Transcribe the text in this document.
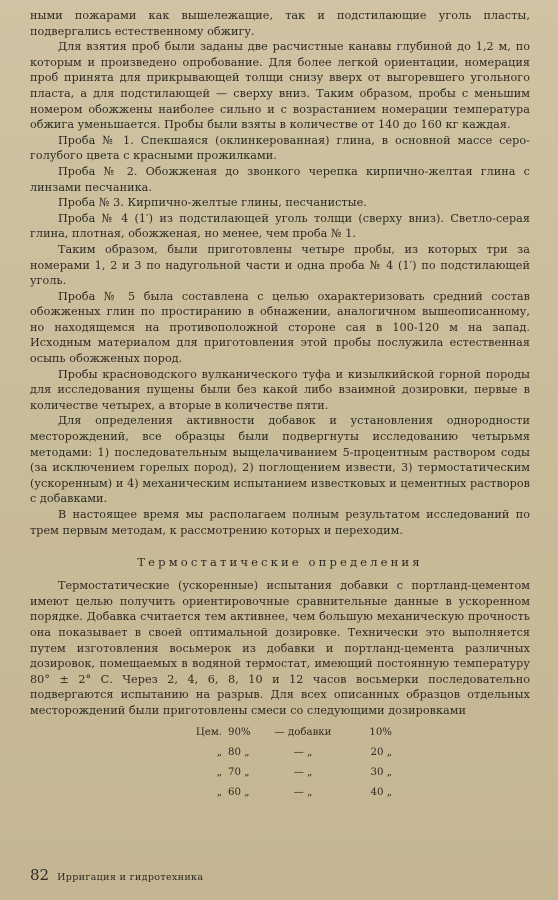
ными пожарами как вышележащие, так и подстилающие уголь пласты, подвергались естественному обжигу.

Для взятия проб были заданы две расчистные канавы глубиной до 1,2 м, по которым и произведено опробование. Для более легкой ориентации, номерация проб принята для прикрывающей толщи снизу вверх от выгоревшего угольного пласта, а для подстилающей — сверху вниз. Таким образом, пробы с меньшим номером обожжены наиболее сильно и с возрастанием номерации температура обжига уменьшается. Пробы были взяты в количестве от 140 до 160 кг каждая.

Проба № 1. Спекшаяся (оклинкерованная) глина, в основной массе серо-голубого цвета с красными прожилками.

Проба № 2. Обожженая до звонкого черепка кирпично-желтая глина с линзами песчаника.

Проба № 3. Кирпично-желтые глины, песчанистые.

Проба № 4 (1′) из подстилающей уголь толщи (сверху вниз). Светло-серая глина, плотная, обожженая, но менее, чем проба № 1.

Таким образом, были приготовлены четыре пробы, из которых три за номерами 1, 2 и 3 по надугольной части и одна проба № 4 (1′) по подстилающей уголь.

Проба № 5 была составлена с целью охарактеризовать средний состав обожженых глин по простиранию в обнажении, аналогичном вышеописанному, но находящемся на противоположной стороне сая в 100-120 м на запад. Исходным материалом для приготовления этой пробы послужила естественная осыпь обожженых пород.

Пробы красноводского вулканического туфа и кизылкийской горной породы для исследования пущены были без какой либо взаимной дозировки, первые в количестве четырех, а вторые в количестве пяти.

Для определения активности добавок и установления однородности месторождений, все образцы были подвергнуты исследованию четырьмя методами: 1) последовательным выщелачиванием 5-процентным раствором соды (за исключением горелых пород), 2) поглощением извести, 3) термостатическим (ускоренным) и 4) механическим испытанием известковых и цементных растворов с добавками.

В настоящее время мы располагаем полным результатом исследований по трем первым методам, к рассмотрению которых и переходим.

Термостатические определения

Термостатические (ускоренные) испытания добавки с портланд-цементом имеют целью получить ориентировочные сравнительные данные в ускоренном порядке. Добавка считается тем активнее, чем большую механическую прочность она показывает в своей оптимальной дозировке. Технически это выполняется путем изготовления восьмерок из добавки и портланд-цемента различных дозировок, помещаемых в водяной термостат, имеющий постоянную температуру 80° ± 2° С. Через 2, 4, 6, 8, 10 и 12 часов восьмерки последовательно подвергаются испытанию на разрыв. Для всех описанных образцов отдельных месторождений были приготовлены смеси со следующими дозировками

Цем. 90%	— добавки	10%
„ 80 „	— „	20 „
„ 70 „	— „	30 „
„ 60 „	— „	40 „
82 Ирригация и гидротехника
